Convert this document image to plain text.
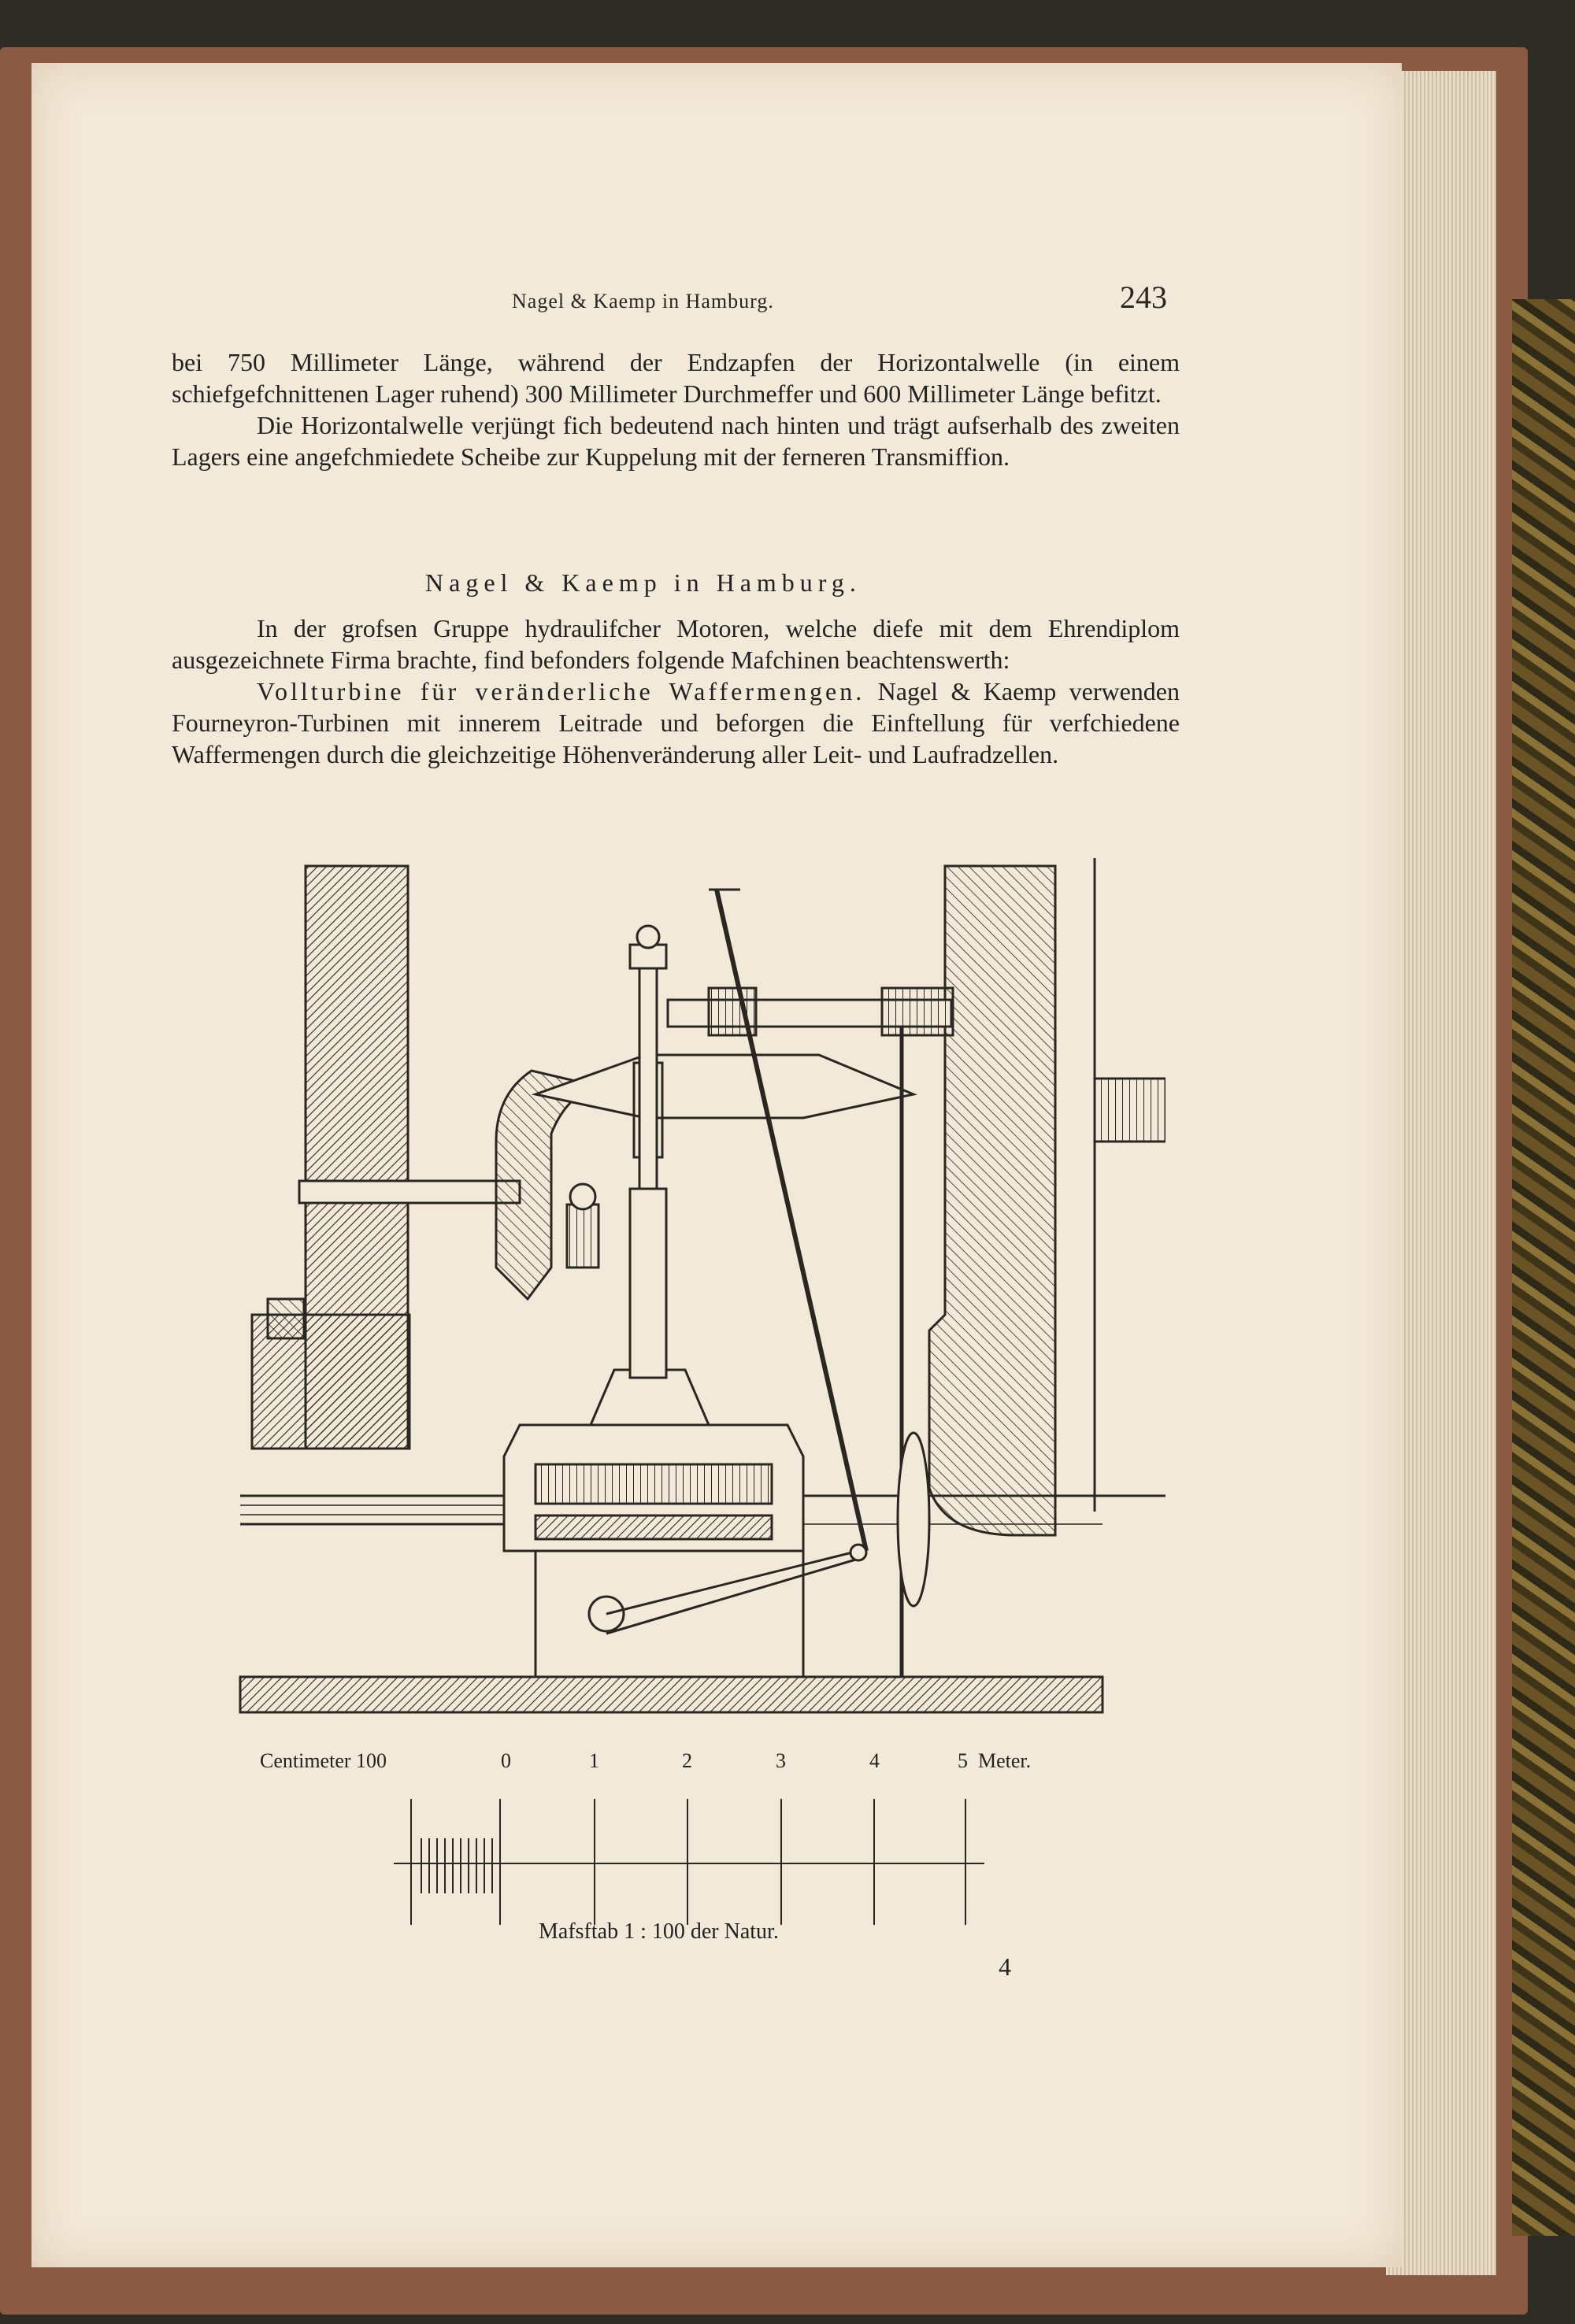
Nagel & Kaemp in Hamburg.	243

bei 750 Millimeter Länge, während der Endzapfen der Horizontalwelle (in einem schiefgefchnittenen Lager ruhend) 300 Millimeter Durchmeffer und 600 Millimeter Länge befitzt.

Die Horizontalwelle verjüngt fich bedeutend nach hinten und trägt aufserhalb des zweiten Lagers eine angefchmiedete Scheibe zur Kuppelung mit der ferneren Transmiffion.

Nagel & Kaemp in Hamburg.

In der grofsen Gruppe hydraulifcher Motoren, welche diefe mit dem Ehrendiplom ausgezeichnete Firma brachte, find befonders folgende Mafchinen beachtenswerth:

Vollturbine für veränderliche Waffermengen. Nagel & Kaemp verwenden Fourneyron-Turbinen mit innerem Leitrade und beforgen die Einftellung für verfchiedene Waffermengen durch die gleichzeitige Höhenveränderung aller Leit- und Laufradzellen.

Centimeter 100	0	1	2	3	4	5 Meter.
Mafsftab 1 : 100 der Natur.
4
